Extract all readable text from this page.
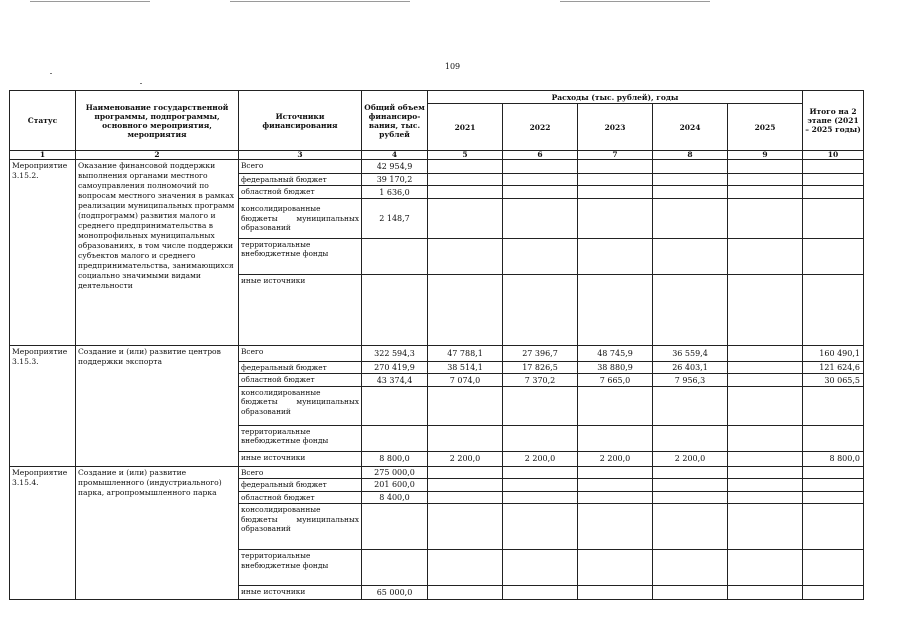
109
Статус	Наименование государственной программы, подпрограммы, основного мероприятия, мероприятия	Источники финансирования	Общий объем финансиро-вания, тыс. рублей	Расходы (тыс. рублей), годы					Итого на 2 этапе (2021 – 2025 годы)
				2021	2022	2023	2024	2025	
1	2	3	4	5	6	7	8	9	10
Мероприятие 3.15.2.	Оказание финансовой поддержки выполнения органами местного самоуправления полномочий по вопросам местного значения в рамках реализации муниципальных программ (подпрограмм) развития малого и среднего предпринимательства в монопрофильных муниципальных образованиях, в том числе поддержки субъектов малого и среднего предпринимательства, занимающихся социально значимыми видами деятельности	Всего	42 954,9						
		федеральный бюджет	39 170,2						
		областной бюджет	1 636,0						
		консолидированные бюджеты муниципальных образований	2 148,7						
		территориальные внебюджетные фонды							
		иные источники							
Мероприятие 3.15.3.	Создание и (или) развитие центров поддержки экспорта	Всего	322 594,3	47 788,1	27 396,7	48 745,9	36 559,4		160 490,1
		федеральный бюджет	270 419,9	38 514,1	17 826,5	38 880,9	26 403,1		121 624,6
		областной бюджет	43 374,4	7 074,0	7 370,2	7 665,0	7 956,3		30 065,5
		консолидированные бюджеты муниципальных образований							
		территориальные внебюджетные фонды							
		иные источники	8 800,0	2 200,0	2 200,0	2 200,0	2 200,0		8 800,0
Мероприятие 3.15.4.	Создание и (или) развитие промышленного (индустриального) парка, агропромышленного парка	Всего	275 000,0						
		федеральный бюджет	201 600,0						
		областной бюджет	8 400,0						
		консолидированные бюджеты муниципальных образований							
		территориальные внебюджетные фонды							
		иные источники	65 000,0						
